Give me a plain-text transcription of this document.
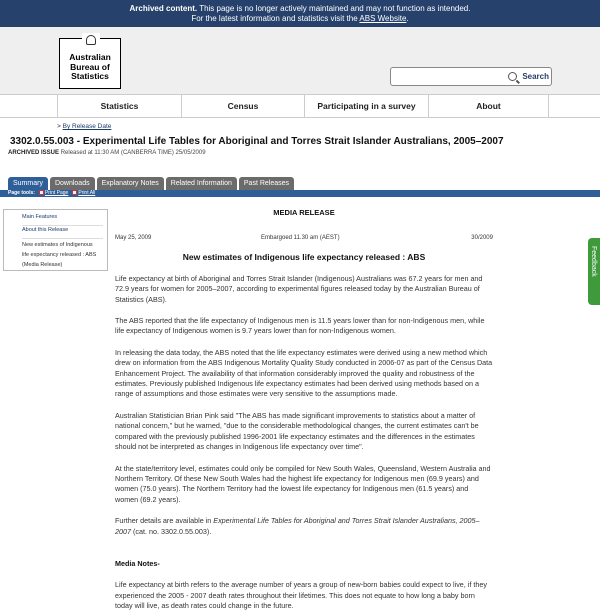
Archived content. This page is no longer actively maintained and may not function as intended.
For the latest information and statistics visit the ABS Website.
Australian
Bureau of
Statistics	Search
Statistics	Census	Participating in a survey	About
> By Release Date
3302.0.55.003 - Experimental Life Tables for Aboriginal and Torres Strait Islander Australians, 2005–2007
ARCHIVED ISSUE Released at 11:30 AM (CANBERRA TIME) 25/05/2009
Summary	Downloads	Explanatory Notes	Related Information	Past Releases
Page tools:	Print Page	Print All
Main Features
About this Release
New estimates of Indigenous
life expectancy released : ABS
(Media Release)
MEDIA RELEASE
May 25, 2009	Embargoed 11.30 am (AEST)	30/2009
New estimates of Indigenous life expectancy released : ABS

Life expectancy at birth of Aboriginal and Torres Strait Islander (Indigenous) Australians was 67.2 years for men and 72.9 years for women for 2005–2007, according to experimental figures released today by the Australian Bureau of Statistics (ABS).

The ABS reported that the life expectancy of Indigenous men is 11.5 years lower than for non-Indigenous men, while life expectancy of Indigenous women is 9.7 years lower than for non-Indigenous women.

In releasing the data today, the ABS noted that the life expectancy estimates were derived using a new method which drew on information from the ABS Indigenous Mortality Quality Study conducted in 2006-07 as part of the Census Data Enhancement Project. The availability of that information considerably improved the quality and robustness of the estimates. Previously published Indigenous life expectancy estimates had been derived using methods based on a range of assumptions and those estimates were very sensitive to the assumptions made.

Australian Statistician Brian Pink said "The ABS has made significant improvements to statistics about a matter of national concern," but he warned, "due to the considerable methodological changes, the current estimates can't be compared with the previously published 1996-2001 life expectancy estimates and the differences in the estimates should not be interpreted as changes in Indigenous life expectancy over time".

At the state/territory level, estimates could only be compiled for New South Wales, Queensland, Western Australia and Northern Territory. Of these New South Wales had the highest life expectancy for Indigenous men (69.9 years) and women (75.0 years). The Northern Territory had the lowest life expectancy for Indigenous men (61.5 years) and women (69.2 years).

Further details are available in Experimental Life Tables for Aboriginal and Torres Strait Islander Australians, 2005–2007 (cat. no. 3302.0.55.003).

Media Notes-

Life expectancy at birth refers to the average number of years a group of new-born babies could expect to live, if they experienced the 2005 - 2007 death rates throughout their lifetimes. This does not equate to how long a baby born today will live, as death rates could change in the future.

Feedback
